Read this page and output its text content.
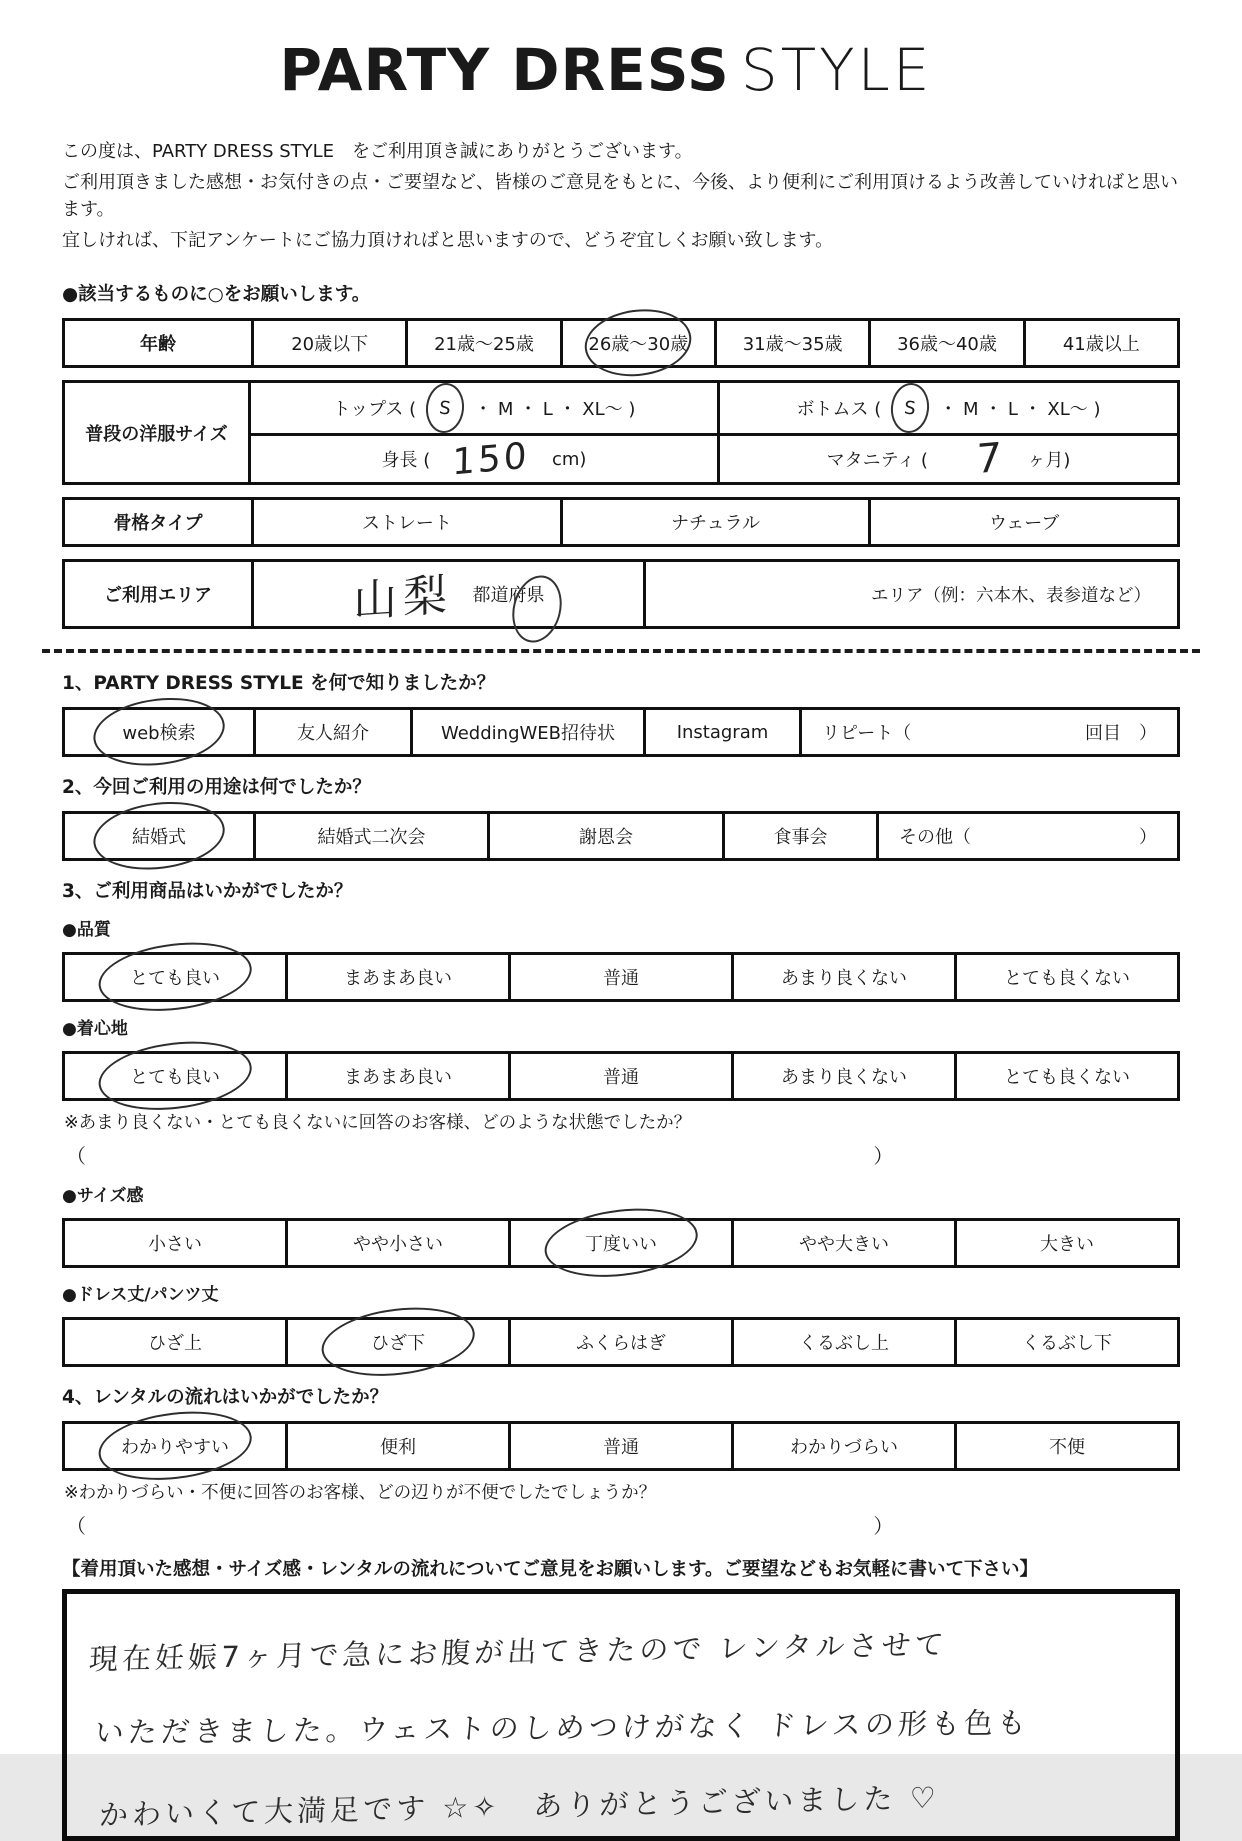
PARTY DRESS STYLE

この度は、PARTY DRESS STYLE　をご利用頂き誠にありがとうございます。

ご利用頂きました感想・お気付きの点・ご要望など、皆様のご意見をもとに、今後、より便利にご利用頂けるよう改善していければと思います。

宜しければ、下記アンケートにご協力頂ければと思いますので、どうぞ宜しくお願い致します。

●該当するものに○をお願いします。

年齢	20歳以下	21歳～25歳	26歳～30歳	31歳～35歳	36歳～40歳	41歳以上
普段の洋服サイズ
トップス ( S ・ M ・ L ・ XL～ )	ボトムス ( S ・ M ・ L ・ XL～ )
身長 ( 150 cm)	マタニティ ( 7 ヶ月)
骨格タイプ	ストレート	ナチュラル	ウェーブ
ご利用エリア	山梨 都道府県	エリア（例：六本木、表参道など）

1、PARTY DRESS STYLE を何で知りましたか？

web検索	友人紹介	WeddingWEB招待状	Instagram	リピート（	回目　）

2、今回ご利用の用途は何でしたか？

結婚式	結婚式二次会	謝恩会	食事会	その他（	）

3、ご利用商品はいかがでしたか？

●品質

とても良い	まあまあ良い	普通	あまり良くない	とても良くない

●着心地

とても良い	まあまあ良い	普通	あまり良くない	とても良くない

※あまり良くない・とても良くないに回答のお客様、どのような状態でしたか？

（	）

●サイズ感

小さい	やや小さい	丁度いい	やや大きい	大きい

●ドレス丈/パンツ丈

ひざ上	ひざ下	ふくらはぎ	くるぶし上	くるぶし下

4、レンタルの流れはいかがでしたか？

わかりやすい	便利	普通	わかりづらい	不便

※わかりづらい・不便に回答のお客様、どの辺りが不便でしたでしょうか？

（	）

【着用頂いた感想・サイズ感・レンタルの流れについてご意見をお願いします。ご要望などもお気軽に書いて下さい】

現在妊娠7ヶ月で急にお腹が出てきたので レンタルさせて

いただきました。ウェストのしめつけがなく ドレスの形も色も

かわいくて大満足です ☆✧　ありがとうございました ♡
